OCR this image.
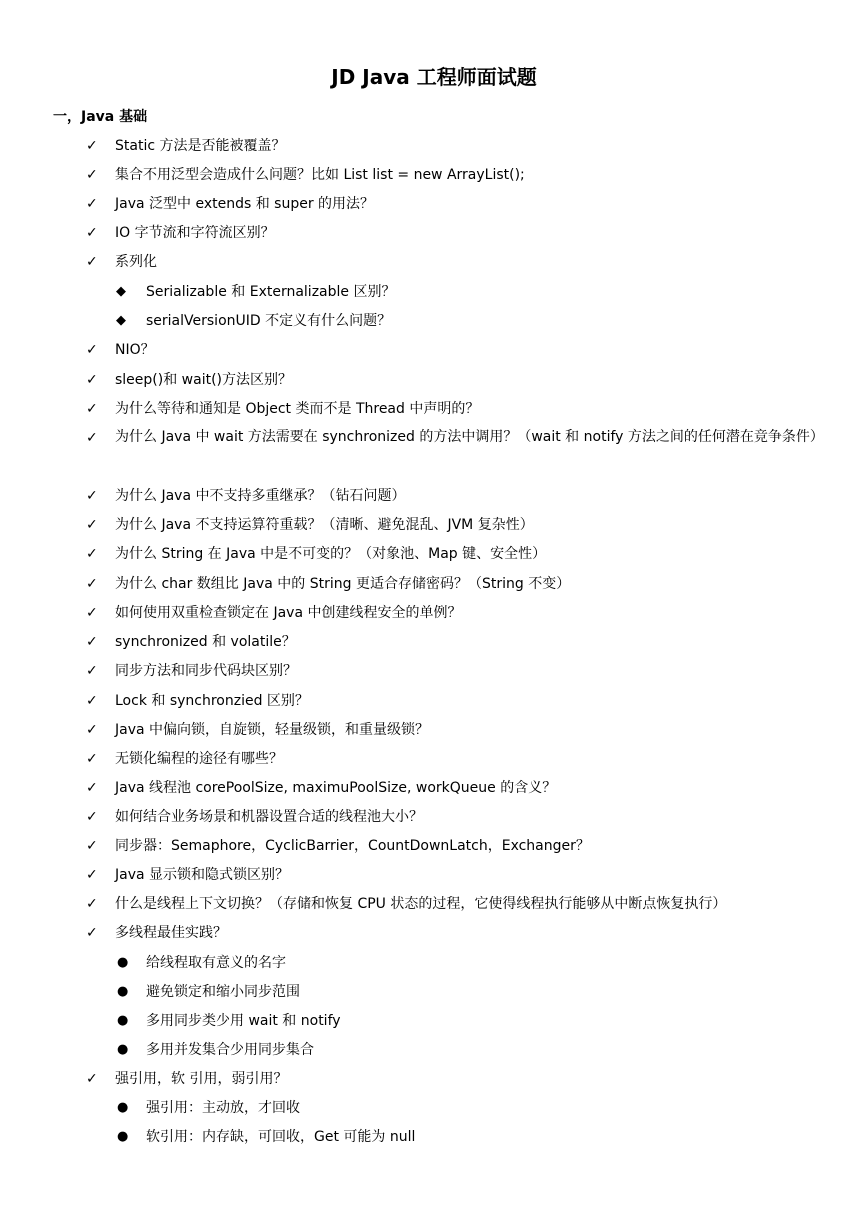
JD Java 工程师面试题
一，Java 基础
✓	Static 方法是否能被覆盖？
✓	集合不用泛型会造成什么问题？比如 List list = new ArrayList();
✓	Java 泛型中 extends 和 super 的用法？
✓	IO 字节流和字符流区别？
✓	系列化
◆	Serializable 和 Externalizable 区别？
◆	serialVersionUID 不定义有什么问题？
✓	NIO？
✓	sleep()和 wait()方法区别？
✓	为什么等待和通知是 Object 类而不是 Thread 中声明的？
✓	为什么 Java 中 wait 方法需要在 synchronized 的方法中调用？（wait 和 notify 方法之间的任何潜在竞争条件）
✓	为什么 Java 中不支持多重继承？（钻石问题）
✓	为什么 Java 不支持运算符重载？（清晰、避免混乱、JVM 复杂性）
✓	为什么 String 在 Java 中是不可变的？（对象池、Map 键、安全性）
✓	为什么 char 数组比 Java 中的 String 更适合存储密码？（String 不变）
✓	如何使用双重检查锁定在 Java 中创建线程安全的单例？
✓	synchronized 和 volatile？
✓	同步方法和同步代码块区别？
✓	Lock 和 synchronzied 区别？
✓	Java 中偏向锁，自旋锁，轻量级锁，和重量级锁？
✓	无锁化编程的途径有哪些？
✓	Java 线程池 corePoolSize, maximuPoolSize, workQueue 的含义？
✓	如何结合业务场景和机器设置合适的线程池大小？
✓	同步器：Semaphore，CyclicBarrier，CountDownLatch，Exchanger？
✓	Java 显示锁和隐式锁区别？
✓	什么是线程上下文切换？（存储和恢复 CPU 状态的过程，它使得线程执行能够从中断点恢复执行）
✓	多线程最佳实践？
●	给线程取有意义的名字
●	避免锁定和缩小同步范围
●	多用同步类少用 wait 和 notify
●	多用并发集合少用同步集合
✓	强引用，软 引用，弱引用？
●	强引用：主动放，才回收
●	软引用：内存缺，可回收，Get 可能为 null
